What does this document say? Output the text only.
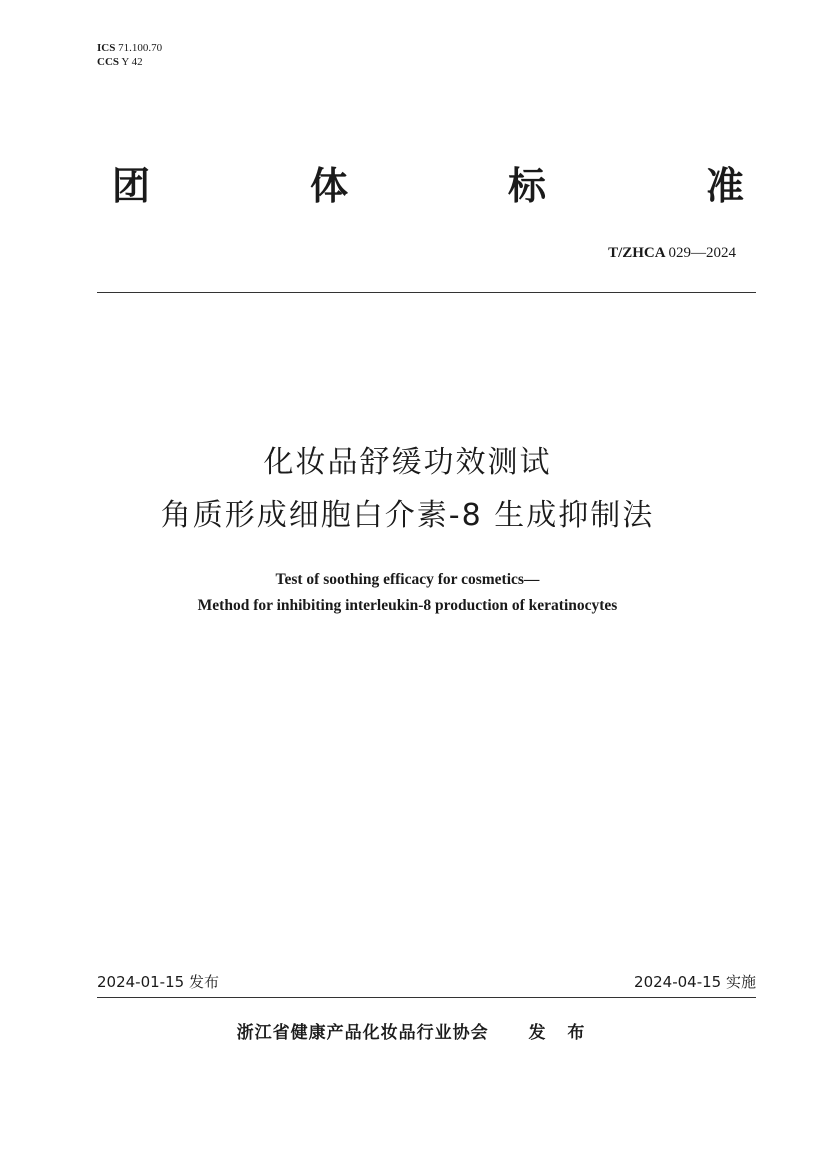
ICS 71.100.70
CCS Y 42
团	体	标	准
T/ZHCA 029—2024
化妆品舒缓功效测试
角质形成细胞白介素-8 生成抑制法
Test of soothing efficacy for cosmetics—
Method for inhibiting interleukin-8 production of keratinocytes
2024-01-15 发布	2024-04-15 实施
浙江省健康产品化妆品行业协会 发 布
